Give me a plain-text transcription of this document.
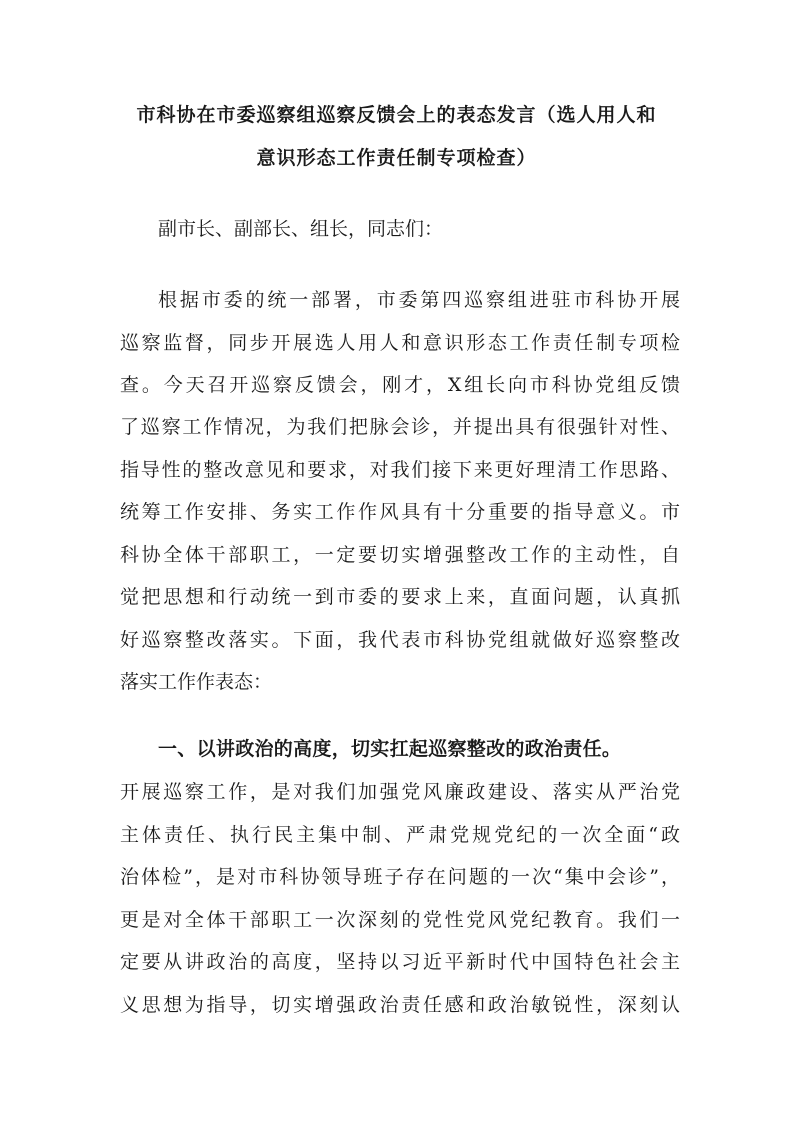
市科协在市委巡察组巡察反馈会上的表态发言（选人用人和
意识形态工作责任制专项检查）
副市长、副部长、组长，同志们：
根据市委的统一部署，市委第四巡察组进驻市科协开展
巡察监督，同步开展选人用人和意识形态工作责任制专项检
查。今天召开巡察反馈会，刚才，X组长向市科协党组反馈
了巡察工作情况，为我们把脉会诊，并提出具有很强针对性、
指导性的整改意见和要求，对我们接下来更好理清工作思路、
统筹工作安排、务实工作作风具有十分重要的指导意义。市
科协全体干部职工，一定要切实增强整改工作的主动性，自
觉把思想和行动统一到市委的要求上来，直面问题，认真抓
好巡察整改落实。下面，我代表市科协党组就做好巡察整改
落实工作作表态：
一、以讲政治的高度，切实扛起巡察整改的政治责任。
开展巡察工作，是对我们加强党风廉政建设、落实从严治党
主体责任、执行民主集中制、严肃党规党纪的一次全面“政
治体检”，是对市科协领导班子存在问题的一次“集中会诊”，
更是对全体干部职工一次深刻的党性党风党纪教育。我们一
定要从讲政治的高度，坚持以习近平新时代中国特色社会主
义思想为指导，切实增强政治责任感和政治敏锐性，深刻认
